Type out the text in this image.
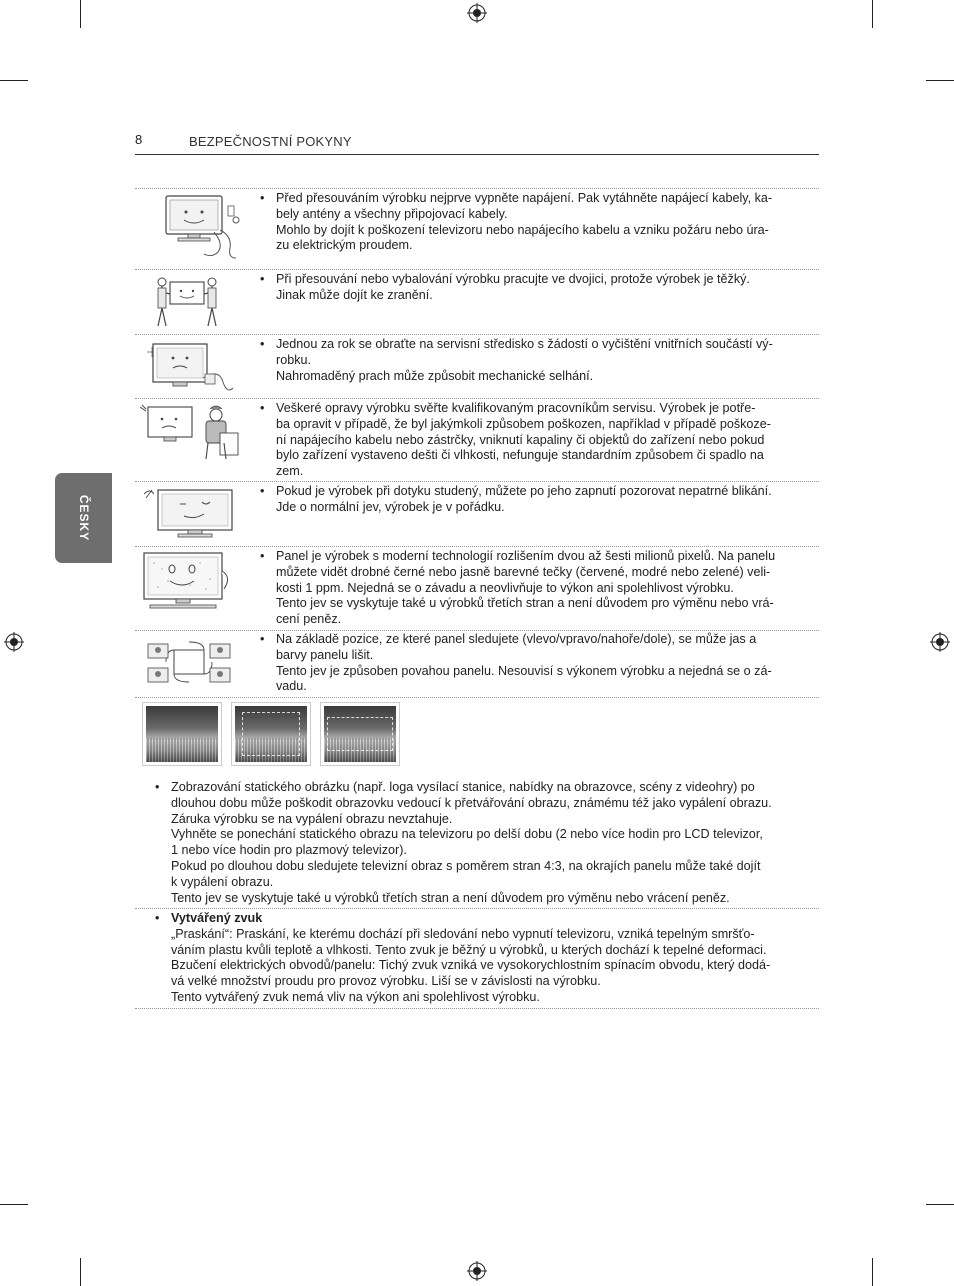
8	BEZPEČNOSTNÍ POKYNY
ČESKY
• Před přesouváním výrobku nejprve vypněte napájení. Pak vytáhněte napájecí kabely, ka-

bely antény a všechny připojovací kabely.

Mohlo by dojít k poškození televizoru nebo napájecího kabelu a vzniku požáru nebo úra-

zu elektrickým proudem.

• Při přesouvání nebo vybalování výrobku pracujte ve dvojici, protože výrobek je těžký.

Jinak může dojít ke zranění.

• Jednou za rok se obraťte na servisní středisko s žádostí o vyčištění vnitřních součástí vý-

robku.

Nahromaděný prach může způsobit mechanické selhání.

• Veškeré opravy výrobku svěřte kvalifikovaným pracovníkům servisu. Výrobek je potře-

ba opravit v případě, že byl jakýmkoli způsobem poškozen, například v případě poškoze-

ní napájecího kabelu nebo zástrčky, vniknutí kapaliny či objektů do zařízení nebo pokud

bylo zařízení vystaveno dešti či vlhkosti, nefunguje standardním způsobem či spadlo na

zem.

• Pokud je výrobek při dotyku studený, můžete po jeho zapnutí pozorovat nepatrné blikání.

Jde o normální jev, výrobek je v pořádku.

• Panel je výrobek s moderní technologií rozlišením dvou až šesti milionů pixelů. Na panelu

můžete vidět drobné černé nebo jasně barevné tečky (červené, modré nebo zelené) veli-

kosti 1 ppm. Nejedná se o závadu a neovlivňuje to výkon ani spolehlivost výrobku.

Tento jev se vyskytuje také u výrobků třetích stran a není důvodem pro výměnu nebo vrá-

cení peněz.

• Na základě pozice, ze které panel sledujete (vlevo/vpravo/nahoře/dole), se může jas a

barvy panelu lišit.

Tento jev je způsoben povahou panelu. Nesouvisí s výkonem výrobku a nejedná se o zá-

vadu.

• Zobrazování statického obrázku (např. loga vysílací stanice, nabídky na obrazovce, scény z videohry) po

dlouhou dobu může poškodit obrazovku vedoucí k přetvářování obrazu, známému též jako vypálení obrazu.

Záruka výrobku se na vypálení obrazu nevztahuje.

Vyhněte se ponechání statického obrazu na televizoru po delší dobu (2 nebo více hodin pro LCD televizor,

1 nebo více hodin pro plazmový televizor).

Pokud po dlouhou dobu sledujete televizní obraz s poměrem stran 4:3, na okrajích panelu může také dojít

k vypálení obrazu.

Tento jev se vyskytuje také u výrobků třetích stran a není důvodem pro výměnu nebo vrácení peněz.

• Vytvářený zvuk

„Praskání“: Praskání, ke kterému dochází při sledování nebo vypnutí televizoru, vzniká tepelným smršťo-

váním plastu kvůli teplotě a vlhkosti. Tento zvuk je běžný u výrobků, u kterých dochází k tepelné deformaci.

Bzučení elektrických obvodů/panelu: Tichý zvuk vzniká ve vysokorychlostním spínacím obvodu, který dodá-

vá velké množství proudu pro provoz výrobku. Liší se v závislosti na výrobku.

Tento vytvářený zvuk nemá vliv na výkon ani spolehlivost výrobku.
